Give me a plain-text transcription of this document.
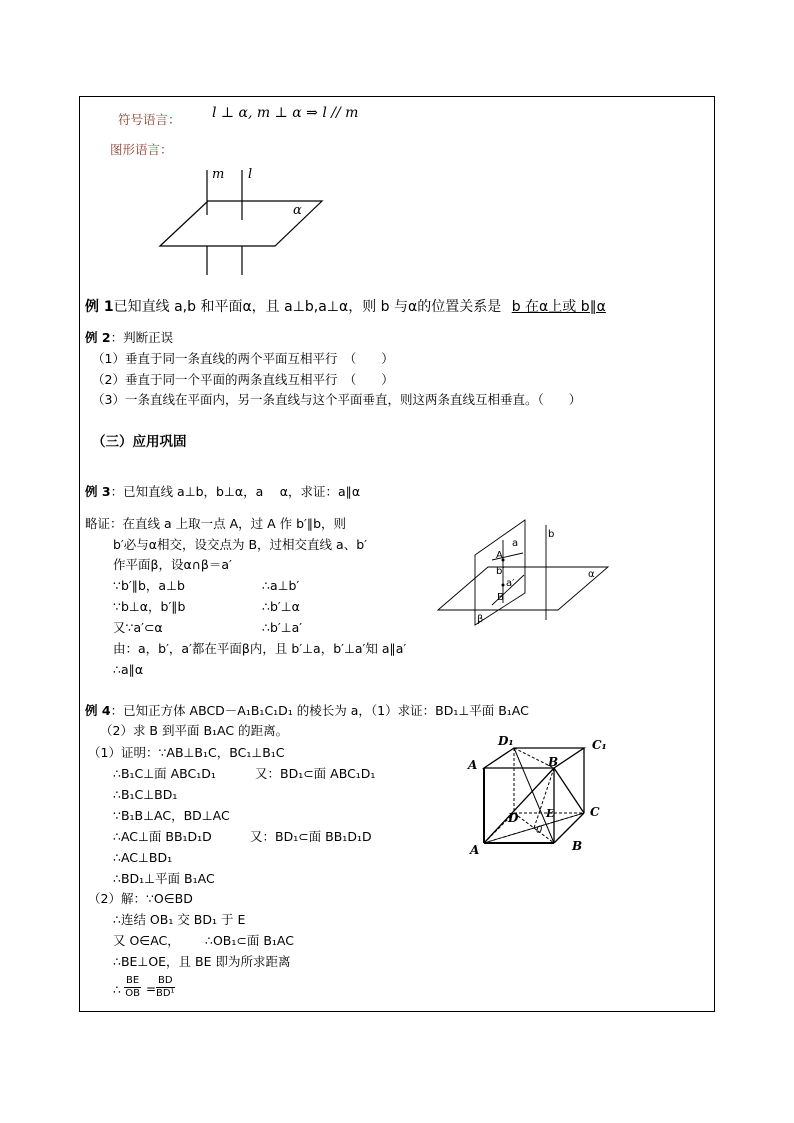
符号语言： l ⊥ α, m ⊥ α ⇒ l // m
图形语言：
m l
α
例 1已知直线 a,b 和平面α，且 a⊥b,a⊥α，则 b 与α的位置关系是 b 在α上或 b∥α
例 2：判断正误
（1）垂直于同一条直线的两个平面互相平行　（　　）
（2）垂直于同一个平面的两条直线互相平行　（　　）
（3）一条直线在平面内，另一条直线与这个平面垂直，则这两条直线互相垂直。（　　）
（三）应用巩固
例 3：已知直线 a⊥b，b⊥α，a 　α，求证：a∥α
略证：在直线 a 上取一点 A，过 A 作 b′∥b，则
b′必与α相交，设交点为 B，过相交直线 a、b′
作平面β，设α∩β＝a′
∵b′∥b，a⊥b	∴a⊥b′
∵b⊥α，b′∥b	∴b′⊥α
又∵a′⊂α	∴b′⊥a′
由：a，b′，a′都在平面β内，且 b′⊥a，b′⊥a′知 a∥a′
∴a∥α
a
b
A
b′
a′
B
α
β
例 4：已知正方体 ABCD－A₁B₁C₁D₁ 的棱长为 a，（1）求证：BD₁⊥平面 B₁AC
（2）求 B 到平面 B₁AC 的距离。
（1）证明：∵AB⊥B₁C，BC₁⊥B₁C
∴B₁C⊥面 ABC₁D₁	又：BD₁⊂面 ABC₁D₁
∴B₁C⊥BD₁
∵B₁B⊥AC，BD⊥AC
∴AC⊥面 BB₁D₁D	又：BD₁⊂面 BB₁D₁D
∴AC⊥BD₁
∴BD₁⊥平面 B₁AC
（2）解：∵O∈BD
∴连结 OB₁ 交 BD₁ 于 E
又 O∈AC， ∴OB₁⊂面 B₁AC
∴BE⊥OE，且 BE 即为所求距离
∴ $\frac{BE}{OB} = \frac{BD}{\text{BD¹}}$
D₁	C₁
A	B
C
D	E
0
A	B
